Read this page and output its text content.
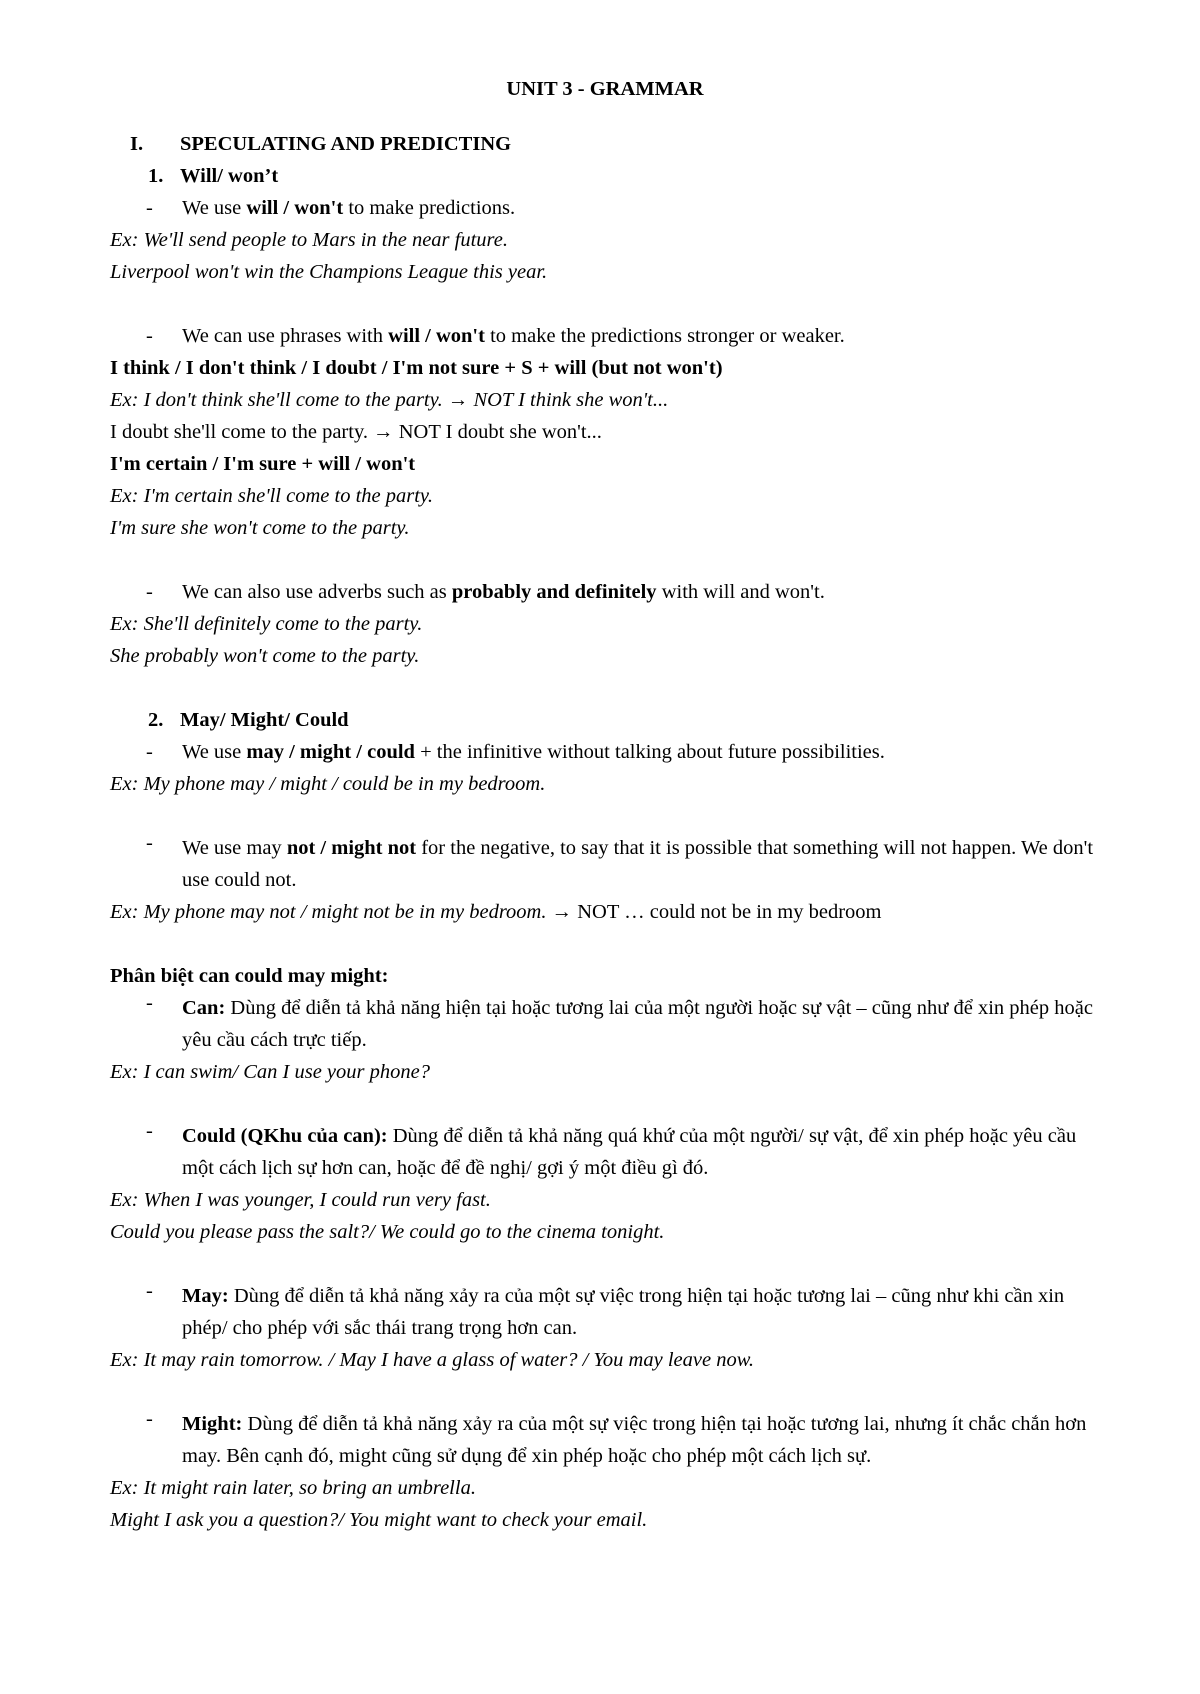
UNIT 3 - GRAMMAR
I. SPECULATING AND PREDICTING
1. Will/ won’t
- We use will / won't to make predictions.
Ex: We'll send people to Mars in the near future.
Liverpool won't win the Champions League this year.
- We can use phrases with will / won't to make the predictions stronger or weaker.
I think / I don't think / I doubt / I'm not sure + S + will (but not won't)
Ex: I don't think she'll come to the party. → NOT I think she won't...
I doubt she'll come to the party. → NOT I doubt she won't...
I'm certain / I'm sure + will / won't
Ex: I'm certain she'll come to the party.
I'm sure she won't come to the party.
- We can also use adverbs such as probably and definitely with will and won't.
Ex: She'll definitely come to the party.
She probably won't come to the party.
2. May/ Might/ Could
- We use may / might / could + the infinitive without talking about future possibilities.
Ex: My phone may / might / could be in my bedroom.
- We use may not / might not for the negative, to say that it is possible that something will not happen. We don't use could not.
Ex: My phone may not / might not be in my bedroom. → NOT … could not be in my bedroom
Phân biệt can could may might:
- Can: Dùng để diễn tả khả năng hiện tại hoặc tương lai của một người hoặc sự vật – cũng như để xin phép hoặc yêu cầu cách trực tiếp.
Ex: I can swim/ Can I use your phone?
- Could (QKhu của can): Dùng để diễn tả khả năng quá khứ của một người/ sự vật, để xin phép hoặc yêu cầu một cách lịch sự hơn can, hoặc để đề nghị/ gợi ý một điều gì đó.
Ex: When I was younger, I could run very fast.
Could you please pass the salt?/ We could go to the cinema tonight.
- May: Dùng để diễn tả khả năng xảy ra của một sự việc trong hiện tại hoặc tương lai – cũng như khi cần xin phép/ cho phép với sắc thái trang trọng hơn can.
Ex: It may rain tomorrow. / May I have a glass of water? / You may leave now.
- Might: Dùng để diễn tả khả năng xảy ra của một sự việc trong hiện tại hoặc tương lai, nhưng ít chắc chắn hơn may. Bên cạnh đó, might cũng sử dụng để xin phép hoặc cho phép một cách lịch sự.
Ex: It might rain later, so bring an umbrella.
Might I ask you a question?/ You might want to check your email.
